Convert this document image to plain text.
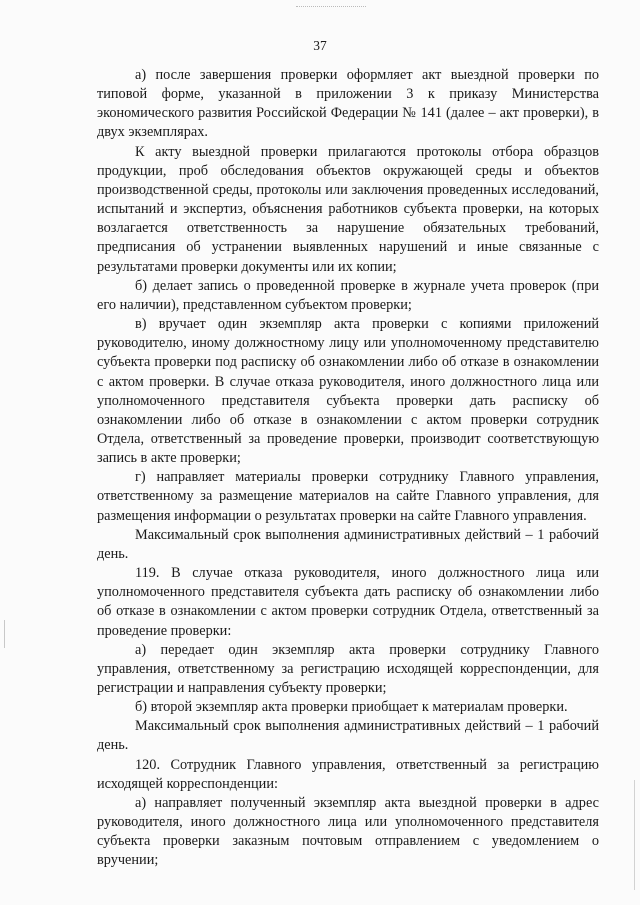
37

а) после завершения проверки оформляет акт выездной проверки по типовой форме, указанной в приложении 3 к приказу Министерства экономического развития Российской Федерации № 141 (далее – акт проверки), в двух экземплярах.

К акту выездной проверки прилагаются протоколы отбора образцов продукции, проб обследования объектов окружающей среды и объектов производственной среды, протоколы или заключения проведенных исследований, испытаний и экспертиз, объяснения работников субъекта проверки, на которых возлагается ответственность за нарушение обязательных требований, предписания об устранении выявленных нарушений и иные связанные с результатами проверки документы или их копии;

б) делает запись о проведенной проверке в журнале учета проверок (при его наличии), представленном субъектом проверки;

в) вручает один экземпляр акта проверки с копиями приложений руководителю, иному должностному лицу или уполномоченному представителю субъекта проверки под расписку об ознакомлении либо об отказе в ознакомлении с актом проверки. В случае отказа руководителя, иного должностного лица или уполномоченного представителя субъекта проверки дать расписку об ознакомлении либо об отказе в ознакомлении с актом проверки сотрудник Отдела, ответственный за проведение проверки, производит соответствующую запись в акте проверки;

г) направляет материалы проверки сотруднику Главного управления, ответственному за размещение материалов на сайте Главного управления, для размещения информации о результатах проверки на сайте Главного управления.

Максимальный срок выполнения административных действий – 1 рабочий день.

119. В случае отказа руководителя, иного должностного лица или уполномоченного представителя субъекта дать расписку об ознакомлении либо об отказе в ознакомлении с актом проверки сотрудник Отдела, ответственный за проведение проверки:

а) передает один экземпляр акта проверки сотруднику Главного управления, ответственному за регистрацию исходящей корреспонденции, для регистрации и направления субъекту проверки;

б) второй экземпляр акта проверки приобщает к материалам проверки.

Максимальный срок выполнения административных действий – 1 рабочий день.

120. Сотрудник Главного управления, ответственный за регистрацию исходящей корреспонденции:

а) направляет полученный экземпляр акта выездной проверки в адрес руководителя, иного должностного лица или уполномоченного представителя субъекта проверки заказным почтовым отправлением с уведомлением о вручении;
